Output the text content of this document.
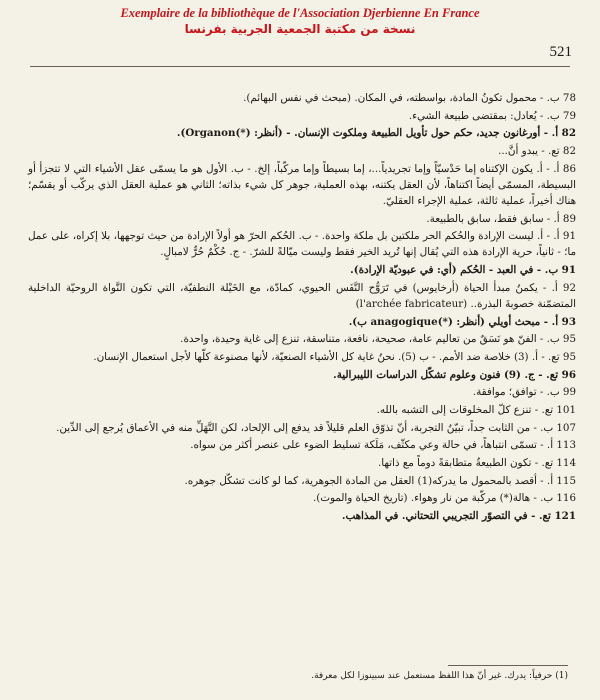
Exemplaire de la bibliothèque de l'Association Djerbienne En France
نسخة من مكتبة الجمعية الجربية بفرنسا
521

78 ب. - محمول تكونُ المادة، بواسطته، في المكان. (مبحث في نفس البهائم).

79 ب. - يُعادل: بمقتضى طبيعة الشيء.

82 أ. - أورغانون جديد، حكم حول تأويل الطبيعة وملكوت الإنسان. - (أنظر: (*)Organon).

82 تع. - يبدو أنَّ...

86 أ. - أ. يكون الإكتناه إما حَدْسيّاً وإما تجريدياً...، إما بسيطاً وإما مركّباً، إلخ. - ب. الأول هو ما يسمّى عقل الأشياء التي لا تتجزأ أو البسيطة، المسمّى أيضاً اكتناهاً، لأن العقل يكتنه، بهذه العملية، جوهر كل شيء بذاته؛ الثاني هو عملية العقل الذي يركّب أو يقسّم؛ هناك أخيراً، عملية ثالثة، عملية الإجراء العقليّ.

89 أ. - سابق فقط، سابق بالطبيعة.

91 أ. - أ. ليست الإرادة والحُكم الحر ملكتين بل ملكة واحدة. - ب. الحُكم الحرّ هو أولاً الإرادة من حيث توجهها، بلا إكراه، على عمل ما؛ - ثانياً، حرية الإرادة هذه التي يُقال إنها تُريد الخير فقط وليست ميّالةً للشرّ. - ج. حُكْمٌ حُرٌّ لامبالٍ.

91 ب. - في العبد - الحُكم (أي: في عبوديّة الإرادة).

92 أ. - يكمنُ مبدأ الحياة (أرخايوس) في تَرَوُّح النَّفَس الحيوي، كمادّة، مع الخَيْلة النطفيّة، التي تكون النَّواة الروحيّة الداخلية المتضمّنة خصوبةَ البذرة.. (l'archée fabricateur)

93 أ. - مبحث أويلي (أنظر: (*)anagogique ب).

95 ب. - الفنّ هو نَسَقٌ من تعاليم عامة، صحيحة، نافعة، متناسقة، تنزع إلى غاية وحيدة، واحدة.

95 تع. - أ. (3) خلاصة ضد الأمم. - ب (5). نحنُ غاية كل الأشياء الصنعيّة، لأنها مصنوعة كلّها لأجل استعمال الإنسان.

96 تع. - ج. (9) فنون وعلوم تشكّل الدراسات الليبرالية.

99 ب. - توافق؛ موافقة.

101 تع. - تنزع كلّ المخلوقات إلى التشبه بالله.

107 ب. - من الثابت جداً، تبيّنُ التجربة، أنّ تذوّق العلم قليلاً قد يدفع إلى الإلحاد، لكن التَّهَلِّ منه في الأعماق يُرجع إلى الدِّين.

113 أ. - تسمّى انتباهاً، في حالة وعي مكثّف، مَلَكة تسليط الضوء على عنصر أكثر من سواه.

114 تع. - تكون الطبيعةُ متطابقةً دوماً مع ذاتها.

115 أ. - أقصد بالمحمول ما يدركه(1) العقل من المادة الجوهرية، كما لو كانت تشكّل جوهره.

116 ب. - هالة(*) مركّبة من نار وهواء. (تاريخ الحياة والموت).

121 تع. - في التصوّر التجريبي التحتاني. في المذاهب.

(1) حرفياً: يدرك. غير أنّ هذا اللفظ مستعمل عند سبينوزا لكل معرفة.
